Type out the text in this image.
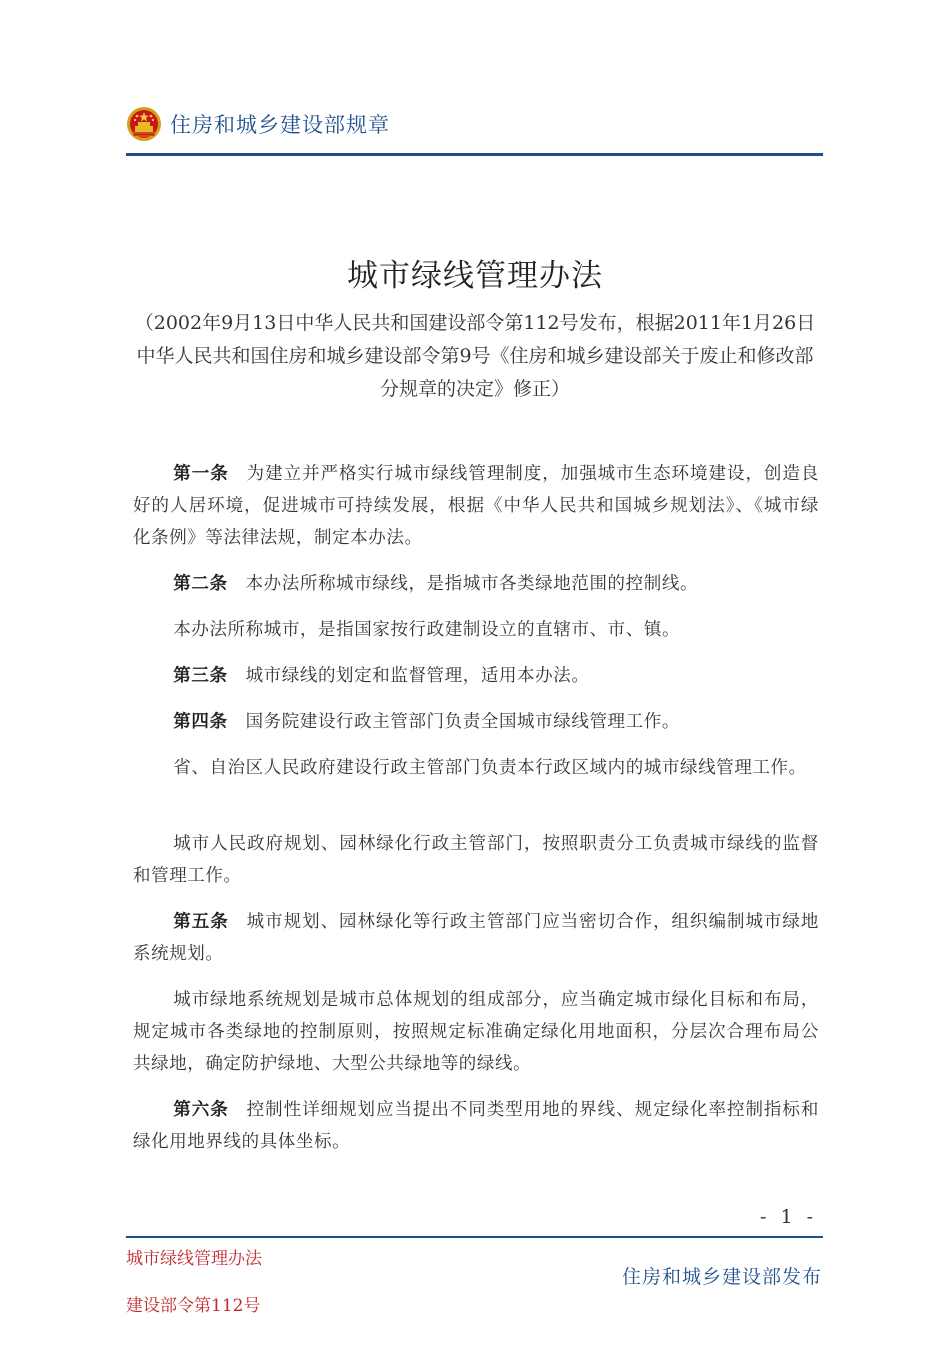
住房和城乡建设部规章
城市绿线管理办法
（2002年9月13日中华人民共和国建设部令第112号发布，根据2011年1月26日中华人民共和国住房和城乡建设部令第9号《住房和城乡建设部关于废止和修改部分规章的决定》修正）
第一条 为建立并严格实行城市绿线管理制度，加强城市生态环境建设，创造良好的人居环境，促进城市可持续发展，根据《中华人民共和国城乡规划法》、《城市绿化条例》等法律法规，制定本办法。
第二条 本办法所称城市绿线，是指城市各类绿地范围的控制线。
本办法所称城市，是指国家按行政建制设立的直辖市、市、镇。
第三条 城市绿线的划定和监督管理，适用本办法。
第四条 国务院建设行政主管部门负责全国城市绿线管理工作。
省、自治区人民政府建设行政主管部门负责本行政区域内的城市绿线管理工作。
城市人民政府规划、园林绿化行政主管部门，按照职责分工负责城市绿线的监督和管理工作。
第五条 城市规划、园林绿化等行政主管部门应当密切合作，组织编制城市绿地系统规划。
城市绿地系统规划是城市总体规划的组成部分，应当确定城市绿化目标和布局，规定城市各类绿地的控制原则，按照规定标准确定绿化用地面积，分层次合理布局公共绿地，确定防护绿地、大型公共绿地等的绿线。
第六条 控制性详细规划应当提出不同类型用地的界线、规定绿化率控制指标和绿化用地界线的具体坐标。
- 1 -
城市绿线管理办法
建设部令第112号
住房和城乡建设部发布
